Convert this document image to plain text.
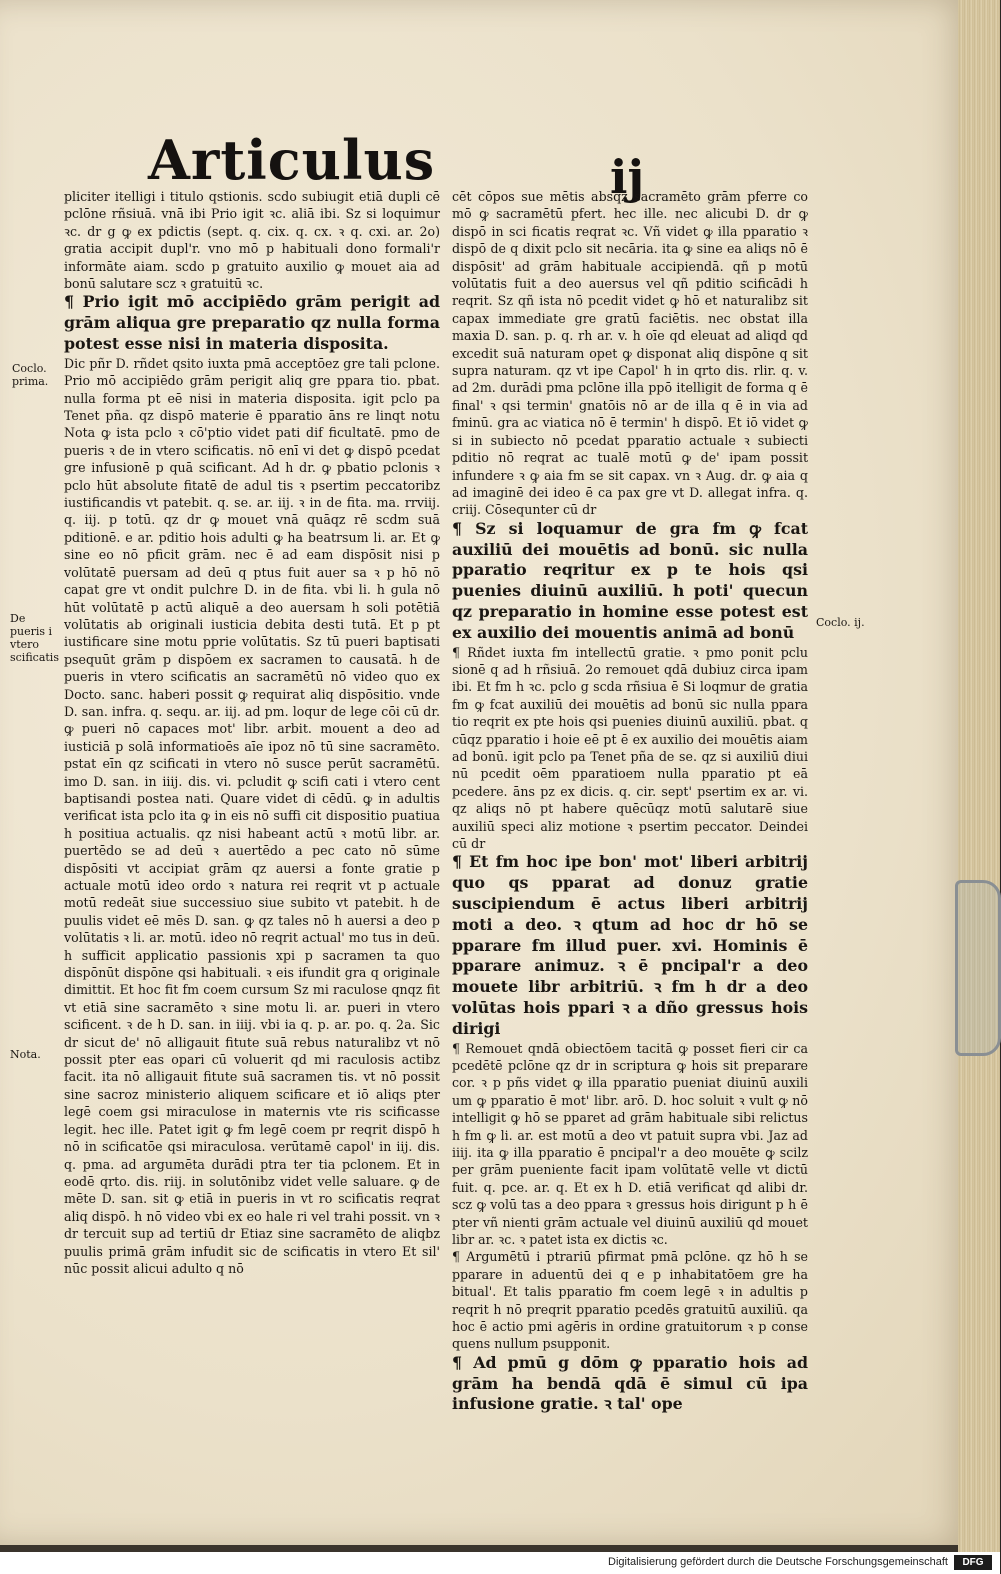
Articulus	ij
Coclo. prima.
De pueris i vtero scificatis
Nota.
Coclo. ij.

pliciter itelligi i titulo qstionis. scdo subiugit etiā dupli cē pclōne rñsiuā. vnā ibi Prio igit ꝛc. aliā ibi. Sz si loquimur ꝛc. dr g ꝙ ex pdictis (sept. q. cix. q. cx. ꝛ q. cxi. ar. 2o) gratia accipit dupl'r. vno mō p habituali dono formali'r informāte aiam. scdo p gratuito auxilio ꝙ mouet aia ad bonū salutare scz ꝛ gratuitū ꝛc.

¶ Prio igit mō accipiēdo grām perigit ad grām aliqua gre preparatio qz nulla forma potest esse nisi in materia disposita.

Dic pñr D. rñdet qsito iuxta pmā acceptōez gre tali pclone. Prio mō accipiēdo grām perigit aliq gre ppara tio. pbat. nulla forma pt eē nisi in materia disposita. igit pclo pa Tenet pña. qz dispō materie ē pparatio āns re linqt notu Nota ꝙ ista pclo ꝛ cō'ptio videt pati dif ficultatē. pmo de pueris ꝛ de in vtero scificatis. nō enī vi det ꝙ dispō pcedat gre infusionē p quā scificant. Ad h dr. ꝙ pbatio pclonis ꝛ pclo hūt absolute fitatē de adul tis ꝛ psertim peccatoribz iustificandis vt patebit. q. se. ar. iij. ꝛ in de fita. ma. rrviij. q. iij. p totū. qz dr ꝙ mouet vnā quāqz rē scdm suā pditionē. e ar. pditio hois adulti ꝙ ha beatrsum li. ar. Et ꝙ sine eo nō pficit grām. nec ē ad eam dispōsit nisi p volūtatē puersam ad deū q ptus fuit auer sa ꝛ p hō nō capat gre vt ondit pulchre D. in de fita. vbi li. h gula nō hūt volūtatē p actū aliquē a deo auersam h soli potētiā volūtatis ab originali iusticia debita desti tutā. Et p pt iustificare sine motu pprie volūtatis. Sz tū pueri baptisati psequūt grām p dispōem ex sacramen to causatā. h de pueris in vtero scificatis an sacramētū nō video quo ex Docto. sanc. haberi possit ꝙ requirat aliq dispōsitio. vnde D. san. infra. q. sequ. ar. iij. ad pm. loqur de lege cōi cū dr. ꝙ pueri nō capaces mot' libr. arbit. mouent a deo ad iusticiā p solā informatioēs aīe ipoz nō tū sine sacramēto. pstat eīn qz scificati in vtero nō susce perūt sacramētū. imo D. san. in iiij. dis. vi. pcludit ꝙ scifi cati i vtero cent baptisandi postea nati. Quare videt di cēdū. ꝙ in adultis verificat ista pclo ita ꝙ in eis nō suffi cit dispositio puatiua h positiua actualis. qz nisi habeant actū ꝛ motū libr. ar. puertēdo se ad deū ꝛ auertēdo a pec cato nō sūme dispōsiti vt accipiat grām qz auersi a fonte gratie p actuale motū ideo ordo ꝛ natura rei reqrit vt p actuale motū redeāt siue successiuo siue subito vt patebit. h de puulis videt eē mēs D. san. ꝙ qz tales nō h auersi a deo p volūtatis ꝛ li. ar. motū. ideo nō reqrit actual' mo tus in deū. h sufficit applicatio passionis xpi p sacramen ta quo dispōnūt dispōne qsi habituali. ꝛ eis ifundit gra q originale dimittit. Et hoc fit fm coem cursum Sz mi raculose qnqz fit vt etiā sine sacramēto ꝛ sine motu li. ar. pueri in vtero scificent. ꝛ de h D. san. in iiij. vbi ia q. p. ar. po. q. 2a. Sic dr sicut de' nō alligauit fitute suā rebus naturalibz vt nō possit pter eas opari cū voluerit qd mi raculosis actibz facit. ita nō alligauit fitute suā sacramen tis. vt nō possit sine sacroz ministerio aliquem scificare et iō aliqs pter legē coem gsi miraculose in maternis vte ris scificasse legit. hec ille. Patet igit ꝙ fm legē coem pr reqrit dispō h nō in scificatōe qsi miraculosa. verūtamē capol' in iij. dis. q. pma. ad argumēta durādi ptra ter tia pclonem. Et in eodē qrto. dis. riij. in solutōnibz videt velle saluare. ꝙ de mēte D. san. sit ꝙ etiā in pueris in vt ro scificatis reqrat aliq dispō. h nō video vbi ex eo hale ri vel trahi possit. vn ꝛ dr tercuit sup ad tertiū dr Etiaz sine sacramēto de aliqbz puulis primā grām infudit sic de scificatis in vtero Et sil' nūc possit alicui adulto q nō

cēt cōpos sue mētis absqz sacramēto grām pferre co mō ꝙ sacramētū pfert. hec ille. nec alicubi D. dr ꝙ dispō in sci ficatis reqrat ꝛc. Vñ videt ꝙ illa pparatio ꝛ dispō de q dixit pclo sit necāria. ita ꝙ sine ea aliqs nō ē dispōsit' ad grām habituale accipiendā. qñ p motū volūtatis fuit a deo auersus vel qñ pditio scificādi h reqrit. Sz qñ ista nō pcedit videt ꝙ hō et naturalibz sit capax immediate gre gratū faciētis. nec obstat illa maxia D. san. p. q. rh ar. v. h oīe qd eleuat ad aliqd qd excedit suā naturam opet ꝙ disponat aliq dispōne q sit supra naturam. qz vt ipe Capol' h in qrto dis. rlir. q. v. ad 2m. durādi pma pclōne illa ppō itelligit de forma q ē final' ꝛ qsi termin' gnatōis nō ar de illa q ē in via ad fminū. gra ac viatica nō ē termin' h dispō. Et iō videt ꝙ si in subiecto nō pcedat pparatio actuale ꝛ subiecti pditio nō reqrat ac tualē motū ꝙ de' ipam possit infundere ꝛ ꝙ aia fm se sit capax. vn ꝛ Aug. dr. ꝙ aia q ad imaginē dei ideo ē ca pax gre vt D. allegat infra. q. criij. Cōsequnter cū dr

¶ Sz si loquamur de gra fm ꝙ fcat auxiliū dei mouētis ad bonū. sic nulla pparatio reqritur ex p te hois qsi puenies diuinū auxiliū. h poti' quecun qz preparatio in homine esse potest est ex auxilio dei mouentis animā ad bonū

¶ Rñdet iuxta fm intellectū gratie. ꝛ pmo ponit pclu sionē q ad h rñsiuā. 2o remouet qdā dubiuz circa ipam ibi. Et fm h ꝛc. pclo g scda rñsiua ē Si loqmur de gratia fm ꝙ fcat auxiliū dei mouētis ad bonū sic nulla ppara tio reqrit ex pte hois qsi puenies diuinū auxiliū. pbat. q cūqz pparatio i hoie eē pt ē ex auxilio dei mouētis aiam ad bonū. igit pclo pa Tenet pña de se. qz si auxiliū diui nū pcedit oēm pparatioem nulla pparatio pt eā pcedere. āns pz ex dicis. q. cir. sept' psertim ex ar. vi. qz aliqs nō pt habere quēcūqz motū salutarē siue auxiliū speci aliz motione ꝛ psertim peccator. Deindei cū dr

¶ Et fm hoc ipe bon' mot' liberi arbitrij quo qs pparat ad donuz gratie suscipiendum ē actus liberi arbitrij moti a deo. ꝛ qtum ad hoc dr hō se pparare fm illud puer. xvi. Hominis ē pparare animuz. ꝛ ē pncipal'r a deo mouete libr arbitriū. ꝛ fm h dr a deo volūtas hois ppari ꝛ a dño gressus hois dirigi

¶ Remouet qndā obiectōem tacitā ꝙ posset fieri cir ca pcedētē pclōne qz dr in scriptura ꝙ hois sit preparare cor. ꝛ p pñs videt ꝙ illa pparatio pueniat diuinū auxili um ꝙ pparatio ē mot' libr. arō. D. hoc soluit ꝛ vult ꝙ nō intelligit ꝙ hō se pparet ad grām habituale sibi relictus h fm ꝙ li. ar. est motū a deo vt patuit supra vbi. Jaz ad iiij. ita ꝙ illa pparatio ē pncipal'r a deo mouēte ꝙ scilz per grām pueniente facit ipam volūtatē velle vt dictū fuit. q. pce. ar. q. Et ex h D. etiā verificat qd alibi dr. scz ꝙ volū tas a deo ppara ꝛ gressus hois dirigunt p h ē pter vñ nienti grām actuale vel diuinū auxiliū qd mouet libr ar. ꝛc. ꝛ patet ista ex dictis ꝛc.

¶ Argumētū i ptrariū pfirmat pmā pclōne. qz hō h se pparare in aduentū dei q e p inhabitatōem gre ha bitual'. Et talis pparatio fm coem legē ꝛ in adultis p reqrit h nō preqrit pparatio pcedēs gratuitū auxiliū. qa hoc ē actio pmi agēris in ordine gratuitorum ꝛ p conse quens nullum psupponit.

¶ Ad pmū g dōm ꝙ pparatio hois ad grām ha bendā qdā ē simul cū ipa infusione gratie. ꝛ tal' ope

Digitalisierung gefördert durch die Deutsche Forschungsgemeinschaft	DFG
